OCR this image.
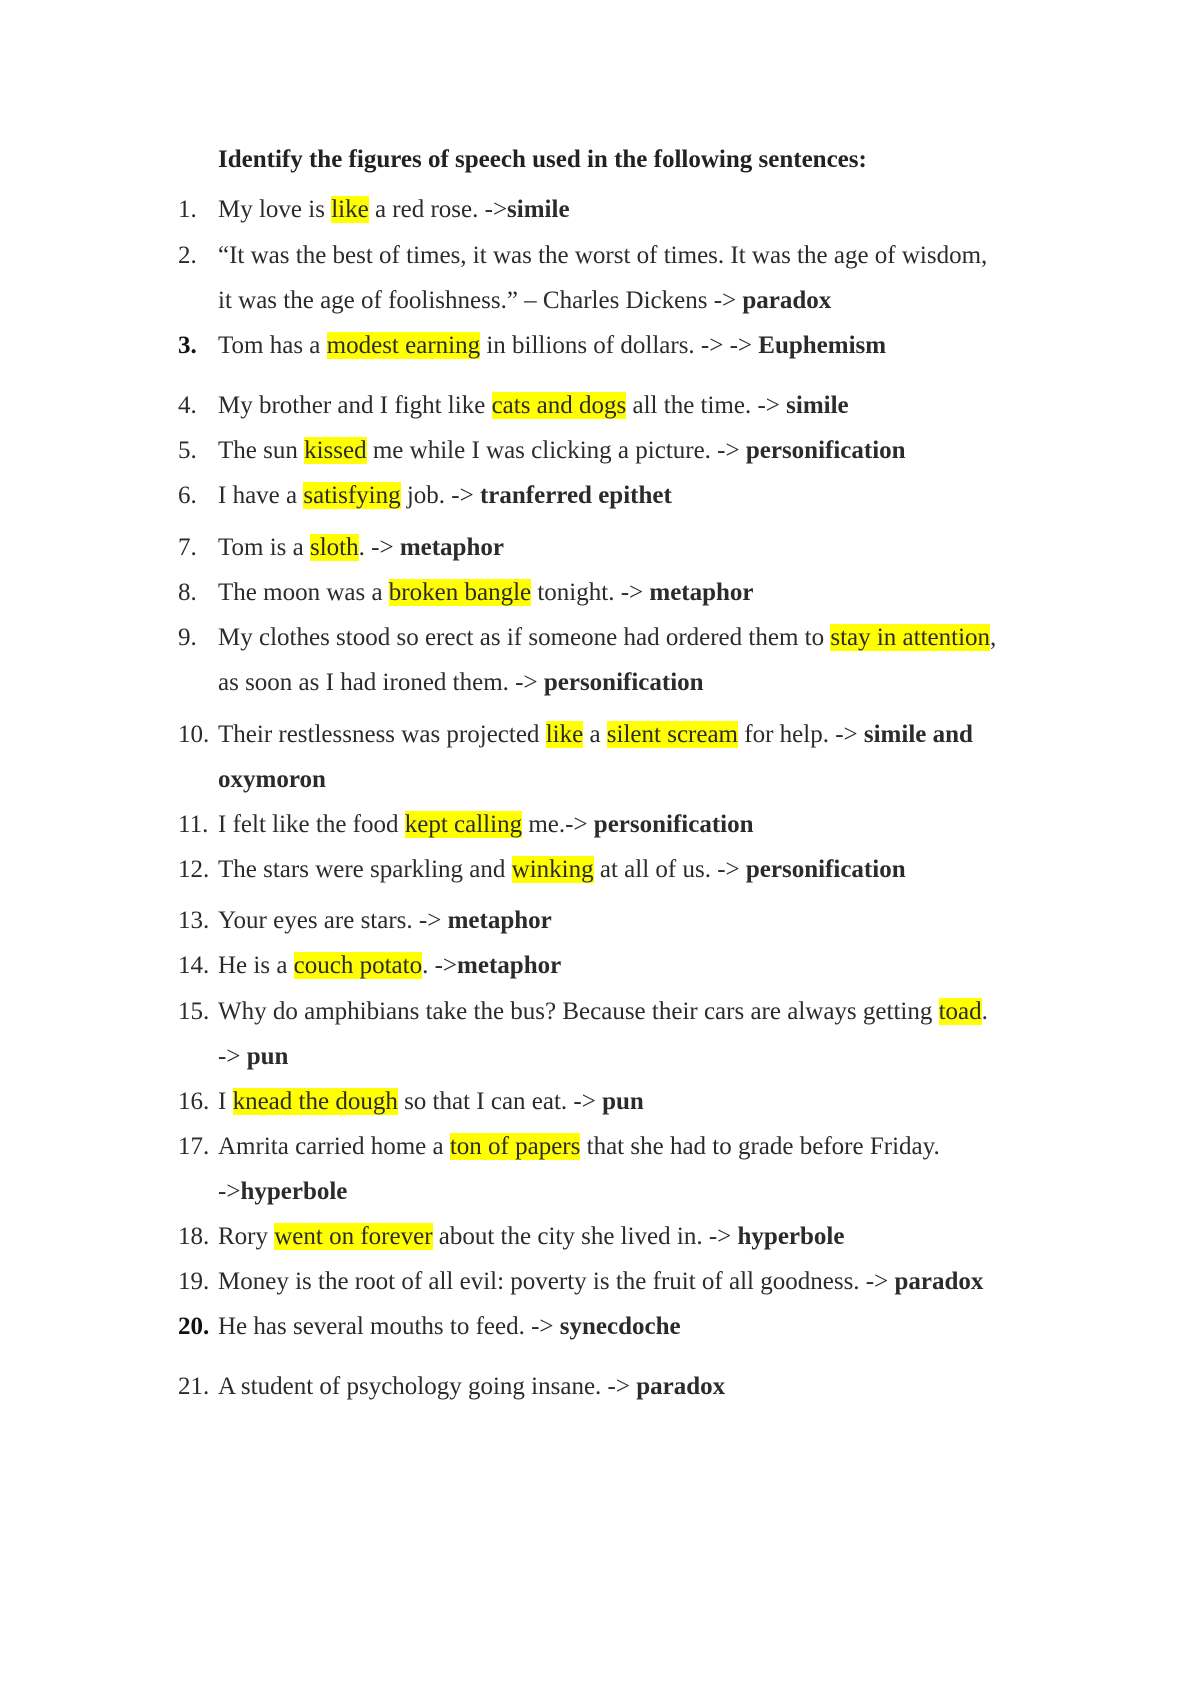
Identify the figures of speech used in the following sentences:
1. My love is like a red rose. ->simile
2. “It was the best of times, it was the worst of times. It was the age of wisdom,
it was the age of foolishness.” – Charles Dickens -> paradox
3. Tom has a modest earning in billions of dollars. -> -> Euphemism
4. My brother and I fight like cats and dogs all the time. -> simile
5. The sun kissed me while I was clicking a picture. -> personification
6. I have a satisfying job. -> tranferred epithet
7. Tom is a sloth. -> metaphor
8. The moon was a broken bangle tonight. -> metaphor
9. My clothes stood so erect as if someone had ordered them to stay in attention,
as soon as I had ironed them. -> personification
10. Their restlessness was projected like a silent scream for help. -> simile and
oxymoron
11. I felt like the food kept calling me.-> personification
12. The stars were sparkling and winking at all of us. -> personification
13. Your eyes are stars. -> metaphor
14. He is a couch potato. ->metaphor
15. Why do amphibians take the bus? Because their cars are always getting toad.
-> pun
16. I knead the dough so that I can eat. -> pun
17. Amrita carried home a ton of papers that she had to grade before Friday.
->hyperbole
18. Rory went on forever about the city she lived in. -> hyperbole
19. Money is the root of all evil: poverty is the fruit of all goodness. -> paradox
20. He has several mouths to feed. -> synecdoche
21. A student of psychology going insane. -> paradox
